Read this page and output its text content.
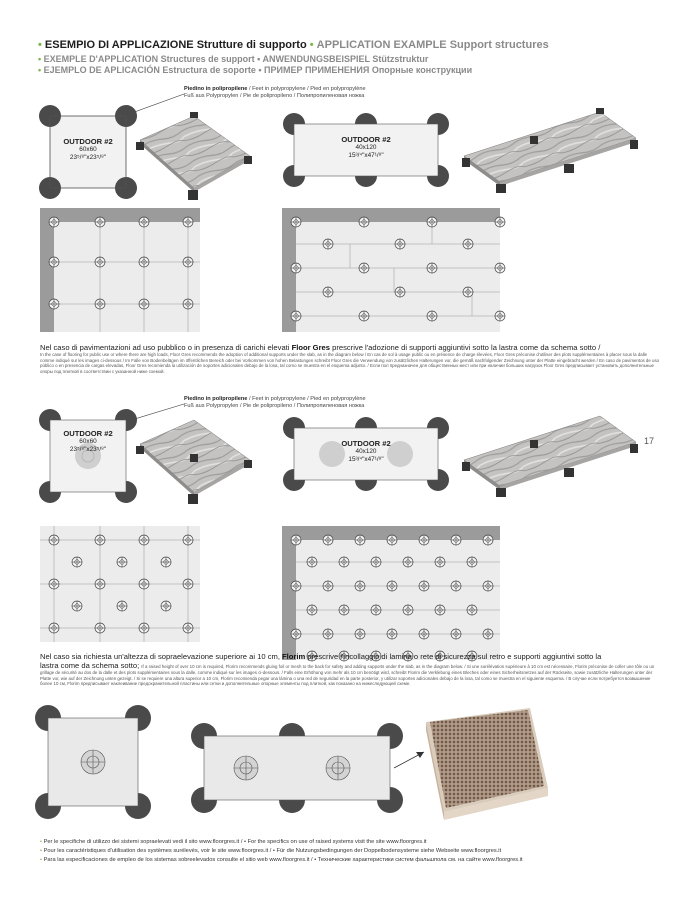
• ESEMPIO DI APPLICAZIONE Strutture di supporto • APPLICATION EXAMPLE Support structures
• EXEMPLE D'APPLICATION Structures de support • ANWENDUNGSBEISPIEL Stützstruktur
• EJEMPLO DE APLICACIÓN Estructura de soporte • ПРИМЕР ПРИМЕНЕНИЯ Опорные конструкции
Piedino in polipropilene / Feet in polypropylene / Pied en polypropylène
Fuß aus Polypropylen / Pie de polipropileno / Полипропиленовая ножка
OUTDOOR #2
60x60
23⁵/⁸"x23⁵/⁸"
OUTDOOR #2
40x120
15³/⁴"x47¹/⁸"
Nel caso di pavimentazioni ad uso pubblico o in presenza di carichi elevati Floor Gres prescrive l'adozione di supporti aggiuntivi sotto la lastra come da schema sotto /
In the case of flooring for public use or where there are high loads, Floor Gres recommends the adoption of additional supports under the slab, as in the diagram below / En cas de sol à usage public ou en présence de charge élevées, Floor Gres préconise d'utiliser des plots supplémentaires à placer sous la dalle comme indiqué sur les images ci-dessous / Im Falle von Bodenbelägen im öffentlichen Bereich oder bei Vorkommen von hohen Belastungen schreibt Floor Gres die Verwendung von zusätzlichen Halterungen vor, die gemäß nachfolgender Zeichnung unter der Platte eingebracht werden / En caso de pavimentos de uso público o en presencia de cargas elevadas, Floor Gres recomienda la utilización de soportes adicionales debajo de la losa, tal como se muestra en el esquema adjunto. / Если пол предназначен для общественных мест или при наличии больших нагрузок Floor Gres предписывает установить дополнительные опоры под плиткой в соответствии с указанной ниже схемой.
Piedino in polipropilene / Feet in polypropylene / Pied en polypropylène
Fuß aus Polypropylen / Pie de polipropileno / Полипропиленовая ножка
OUTDOOR #2
60x60
23⁵/⁸"x23⁵/⁸"
OUTDOOR #2
40x120
15³/⁴"x47¹/⁸"
17
Nel caso sia richiesta un'altezza di sopraelevazione superiore ai 10 cm, Florim prescrive l'incollaggio di lamina o rete di sicurezza sul retro e supporti aggiuntivi sotto la
lastra come da schema sotto; If a raised height of over 10 cm is required, Florim recommends gluing foil or mesh to the back for safety and adding supports under the slab, as in the diagram below. / Si une surélévation supérieure à 10 cm est nécessaire, Florim préconise de coller une tôle ou un grillage de sécurité au dos de la dalle et des plots supplémentaires sous la dalle, comme indiqué sur les images ci-dessous. / Falls eine Erhöhung von mehr als 10 cm benötigt wird, schreibt Florim die Verklebung eines Bleches oder eines Sicherheitsnetzes auf der Rückseite, sowie zusätzliche Halterungen unter der Platte vor, wie auf der Zeichnung unten gezeigt. / Si se requiere una altura superior a 10 cm, Florim recomienda pegar una lámina o una red de seguridad en la parte posterior, y utilizar soportes adicionales debajo de la losa, tal como se muestra en el siguiente esquema. / В случае если потребуется возвышение более 10 см, Florim предписывает наклеивание предохранительной пластины или сетки и дополнительные опорные элементы под плиткой, как показано на нижеследующей схеме.
• Per le specifiche di utilizzo dei sistemi sopraelevati vedi il sito www.floorgres.it / • For the specifics on use of raised systems visit the site www.floorgres.it
• Pour les caractéristiques d'utilisation des systèmes surélevés, voir le site www.floorgres.it / • Für die Nutzungsbedingungen der Doppelbodensysteme siehe Webseite www.floorgres.it
• Para las especificaciones de empleo de los sistemas sobreelevados consulte el sitio web www.floorgres.it / • Технические характеристики систем фальшпола см. на сайте www.floorgres.it
